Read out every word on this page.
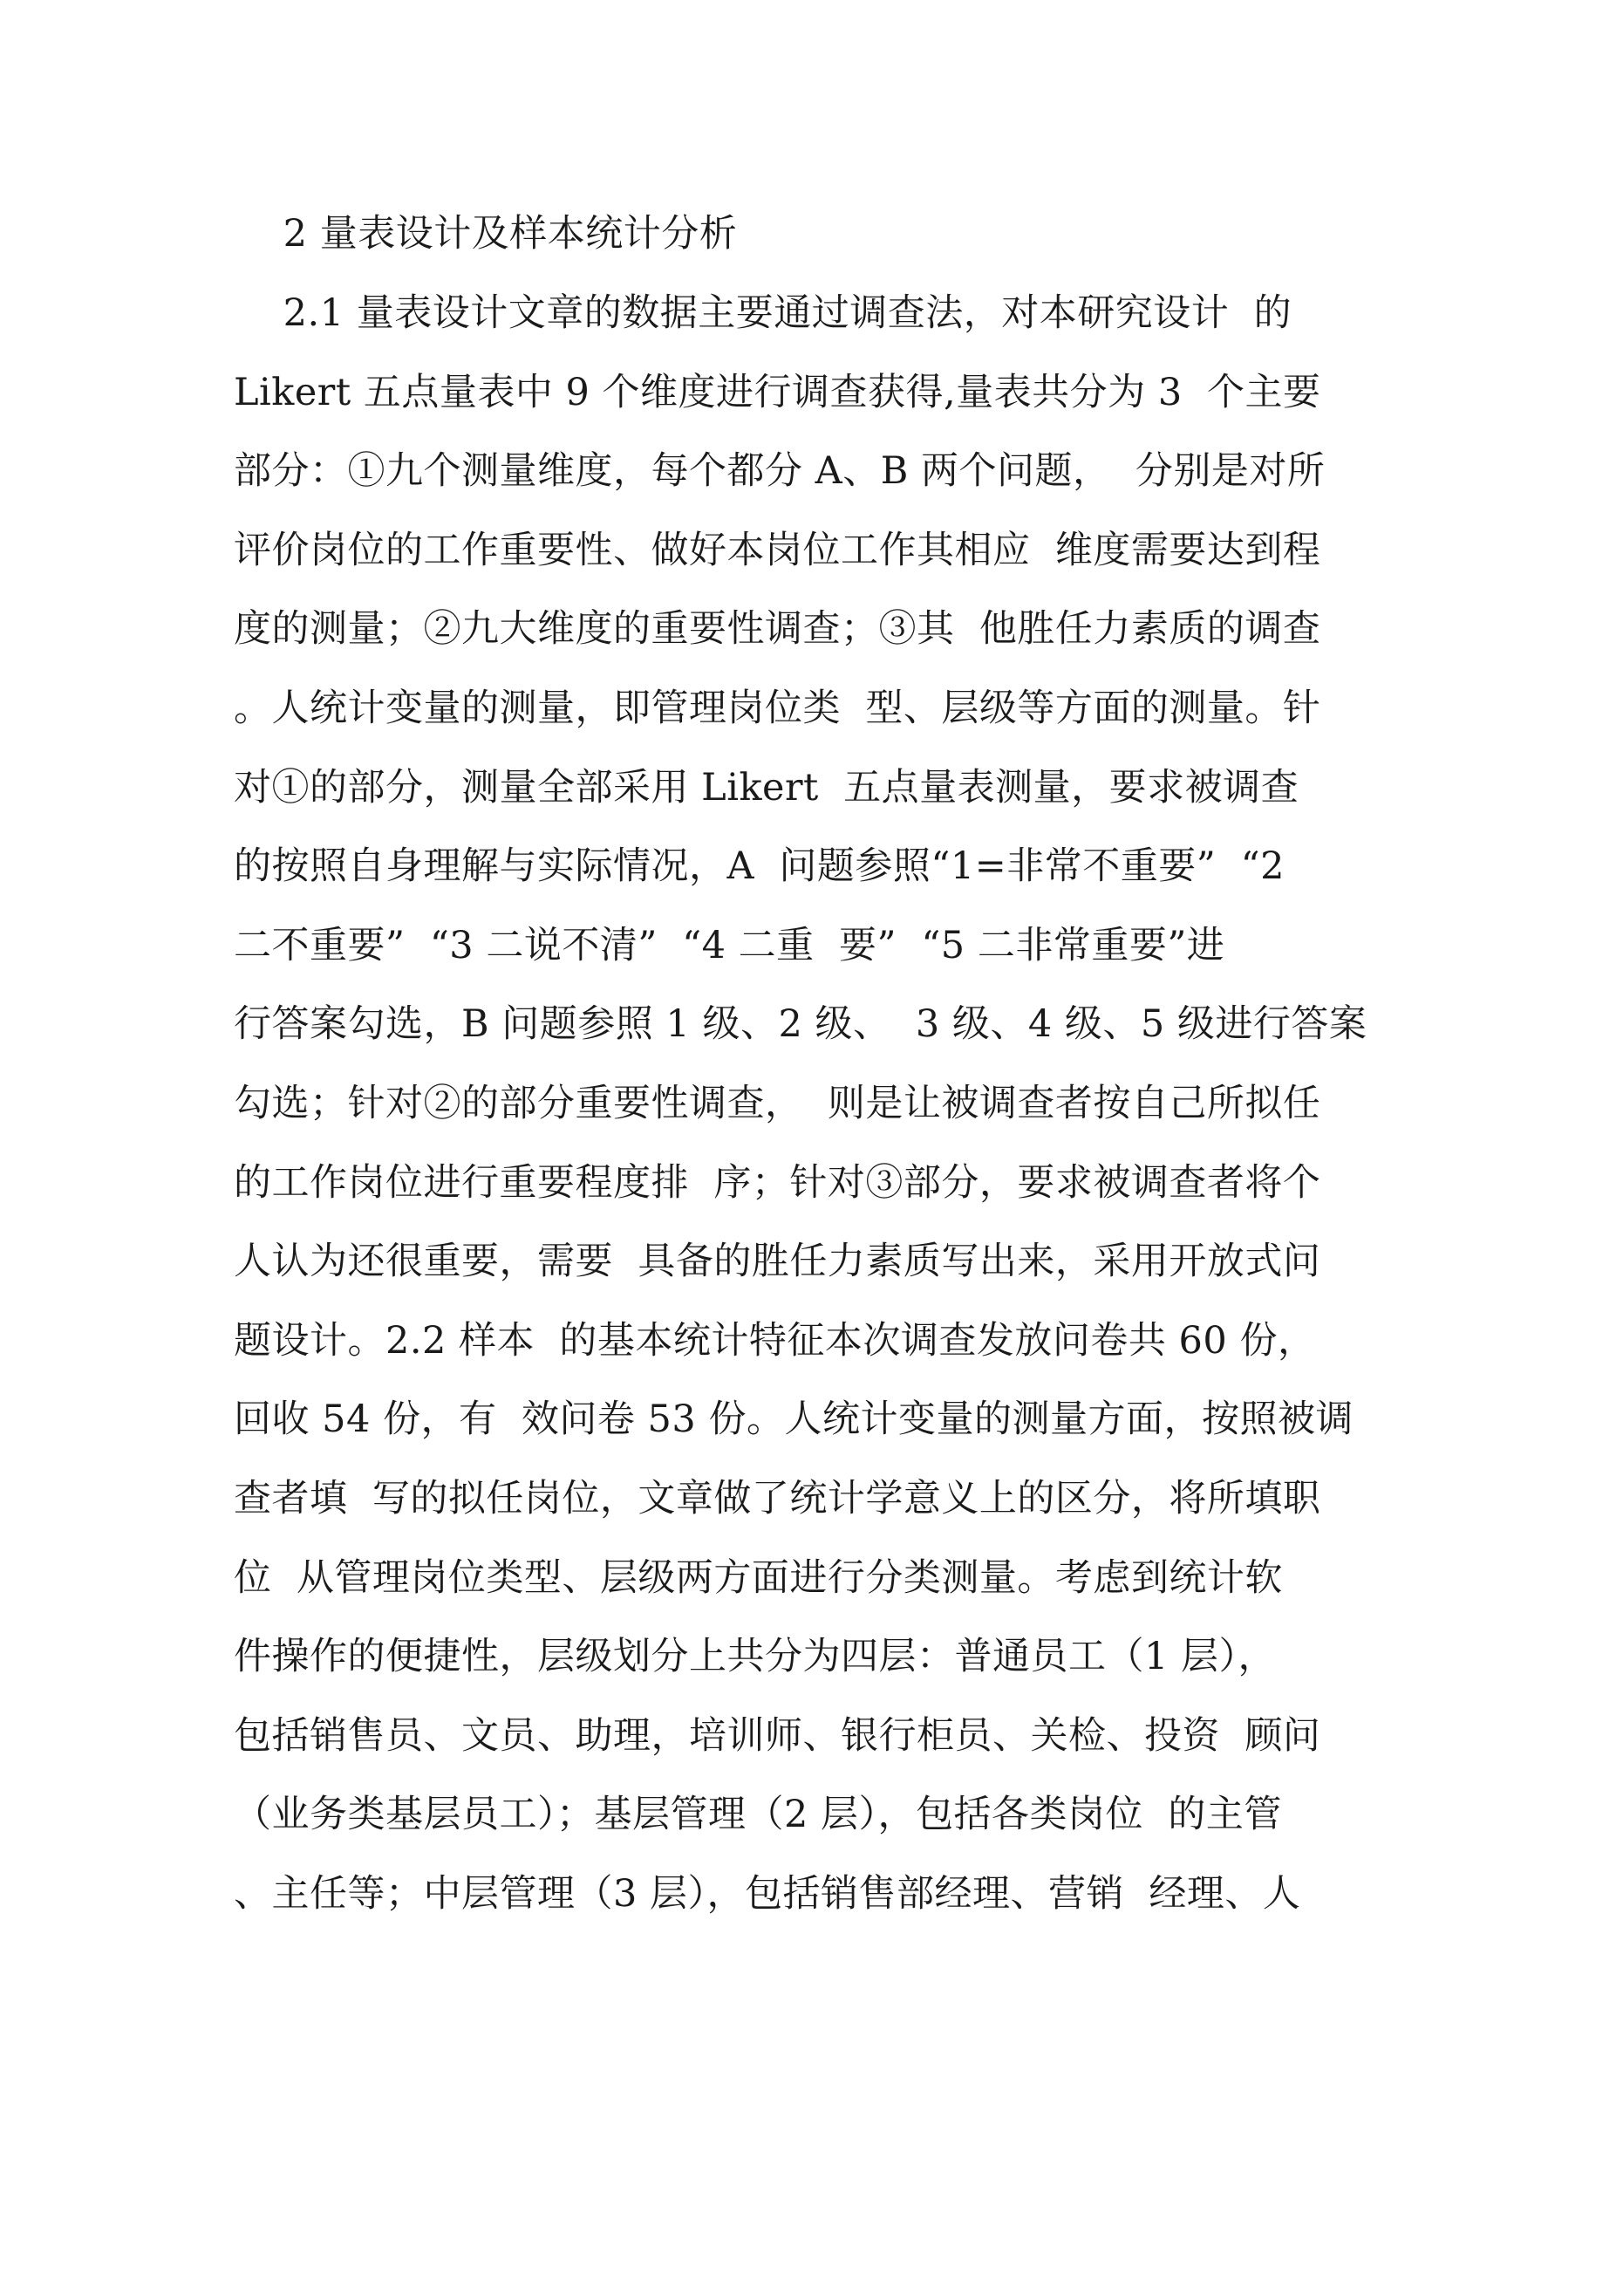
2 量表设计及样本统计分析
2.1 量表设计文章的数据主要通过调查法，对本研究设计  的
Likert 五点量表中 9 个维度进行调查获得,量表共分为 3  个主要
部分：①九个测量维度，每个都分 A、B 两个问题，  分别是对所
评价岗位的工作重要性、做好本岗位工作其相应  维度需要达到程
度的测量；②九大维度的重要性调查；③其  他胜任力素质的调查
。人统计变量的测量，即管理岗位类  型、层级等方面的测量。针
对①的部分，测量全部采用 Likert  五点量表测量，要求被调查
的按照自身理解与实际情况，A  问题参照“1=非常不重要”  “2
二不重要”  “3 二说不清”  “4 二重  要”  “5 二非常重要”进
行答案勾选，B 问题参照 1 级、2 级、  3 级、4 级、5 级进行答案
勾选；针对②的部分重要性调查，  则是让被调查者按自己所拟任
的工作岗位进行重要程度排  序；针对③部分，要求被调查者将个
人认为还很重要，需要  具备的胜任力素质写出来，采用开放式问
题设计。2.2 样本  的基本统计特征本次调查发放问卷共 60 份，
回收 54 份，有  效问卷 53 份。人统计变量的测量方面，按照被调
查者填  写的拟任岗位，文章做了统计学意义上的区分，将所填职
位  从管理岗位类型、层级两方面进行分类测量。考虑到统计软
件操作的便捷性，层级划分上共分为四层：普通员工（1 层），
包括销售员、文员、助理，培训师、银行柜员、关检、投资  顾问
（业务类基层员工）；基层管理（2 层），包括各类岗位  的主管
、主任等；中层管理（3 层），包括销售部经理、营销  经理、人
